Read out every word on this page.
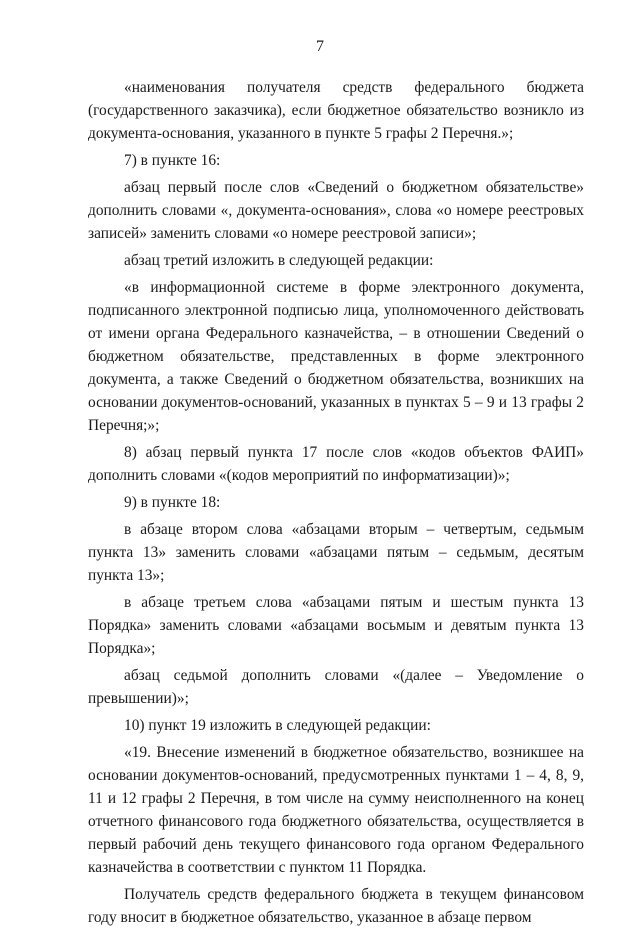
7

«наименования получателя средств федерального бюджета (государственного заказчика), если бюджетное обязательство возникло из документа-основания, указанного в пункте 5 графы 2 Перечня.»;

7) в пункте 16:

абзац первый после слов «Сведений о бюджетном обязательстве» дополнить словами «, документа-основания», слова «о номере реестровых записей» заменить словами «о номере реестровой записи»;

абзац третий изложить в следующей редакции:

«в информационной системе в форме электронного документа, подписанного электронной подписью лица, уполномоченного действовать от имени органа Федерального казначейства, – в отношении Сведений о бюджетном обязательстве, представленных в форме электронного документа, а также Сведений о бюджетном обязательства, возникших на основании документов-оснований, указанных в пунктах 5 – 9 и 13 графы 2 Перечня;»;

8) абзац первый пункта 17 после слов «кодов объектов ФАИП» дополнить словами «(кодов мероприятий по информатизации)»;

9) в пункте 18:

в абзаце втором слова «абзацами вторым – четвертым, седьмым пункта 13» заменить словами «абзацами пятым – седьмым, десятым пункта 13»;

в абзаце третьем слова «абзацами пятым и шестым пункта 13 Порядка» заменить словами «абзацами восьмым и девятым пункта 13 Порядка»;

абзац седьмой дополнить словами «(далее – Уведомление о превышении)»;

10) пункт 19 изложить в следующей редакции:

«19. Внесение изменений в бюджетное обязательство, возникшее на основании документов-оснований, предусмотренных пунктами 1 – 4, 8, 9, 11 и 12 графы 2 Перечня, в том числе на сумму неисполненного на конец отчетного финансового года бюджетного обязательства, осуществляется в первый рабочий день текущего финансового года органом Федерального казначейства в соответствии с пунктом 11 Порядка.

Получатель средств федерального бюджета в текущем финансовом году вносит в бюджетное обязательство, указанное в абзаце первом
